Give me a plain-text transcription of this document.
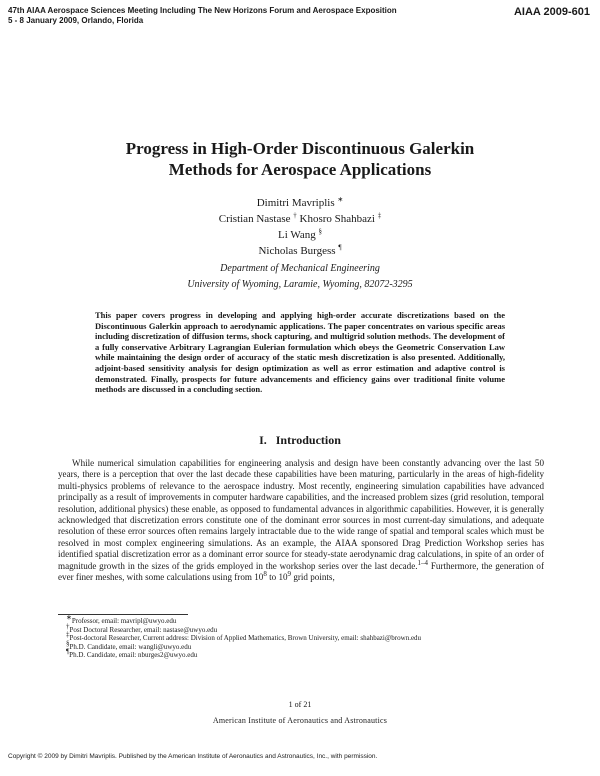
47th AIAA Aerospace Sciences Meeting Including The New Horizons Forum and Aerospace Exposition
5 - 8 January 2009, Orlando, Florida
AIAA 2009-601
Progress in High-Order Discontinuous Galerkin
Methods for Aerospace Applications
Dimitri Mavriplis ∗
Cristian Nastase † Khosro Shahbazi ‡
Li Wang §
Nicholas Burgess ¶
Department of Mechanical Engineering
University of Wyoming, Laramie, Wyoming, 82072-3295

This paper covers progress in developing and applying high-order accurate discretizations based on the Discontinuous Galerkin approach to aerodynamic applications. The paper concentrates on various specific areas including discretization of diffusion terms, shock capturing, and multigrid solution methods. The development of a fully conservative Arbitrary Lagrangian Eulerian formulation which obeys the Geometric Conservation Law while maintaining the design order of accuracy of the static mesh discretization is also presented. Additionally, adjoint-based sensitivity analysis for design optimization as well as error estimation and adaptive control is demonstrated. Finally, prospects for future advancements and efficiency gains over traditional finite volume methods are discussed in a concluding section.

I. Introduction

While numerical simulation capabilities for engineering analysis and design have been constantly advancing over the last 50 years, there is a perception that over the last decade these capabilities have been maturing, particularly in the areas of high-fidelity multi-physics problems of relevance to the aerospace industry. Most recently, engineering simulation capabilities have advanced principally as a result of improvements in computer hardware capabilities, and the increased problem sizes (grid resolution, temporal resolution, additional physics) these enable, as opposed to fundamental advances in algorithmic capabilities. However, it is generally acknowledged that discretization errors constitute one of the dominant error sources in most current-day simulations, and adequate resolution of these error sources often remains largely intractable due to the wide range of spatial and temporal scales which must be resolved in most complex engineering simulations. As an example, the AIAA sponsored Drag Prediction Workshop series has identified spatial discretization error as a dominant error source for steady-state aerodynamic drag calculations, in spite of an order of magnitude growth in the sizes of the grids employed in the workshop series over the last decade.$^{1-4}$ Furthermore, the generation of ever finer meshes, with some calculations using from $10^8$ to $10^9$ grid points,

∗Professor, email: mavripl@uwyo.edu

†Post Doctoral Researcher, email: nastase@uwyo.edu

‡Post-doctoral Researcher, Current address: Division of Applied Mathematics, Brown University, email: shahbazi@brown.edu

§Ph.D. Candidate, email: wangli@uwyo.edu

¶Ph.D. Candidate, email: nburges2@uwyo.edu

1 of 21
American Institute of Aeronautics and Astronautics
Copyright © 2009 by Dimitri Mavriplis. Published by the American Institute of Aeronautics and Astronautics, Inc., with permission.
